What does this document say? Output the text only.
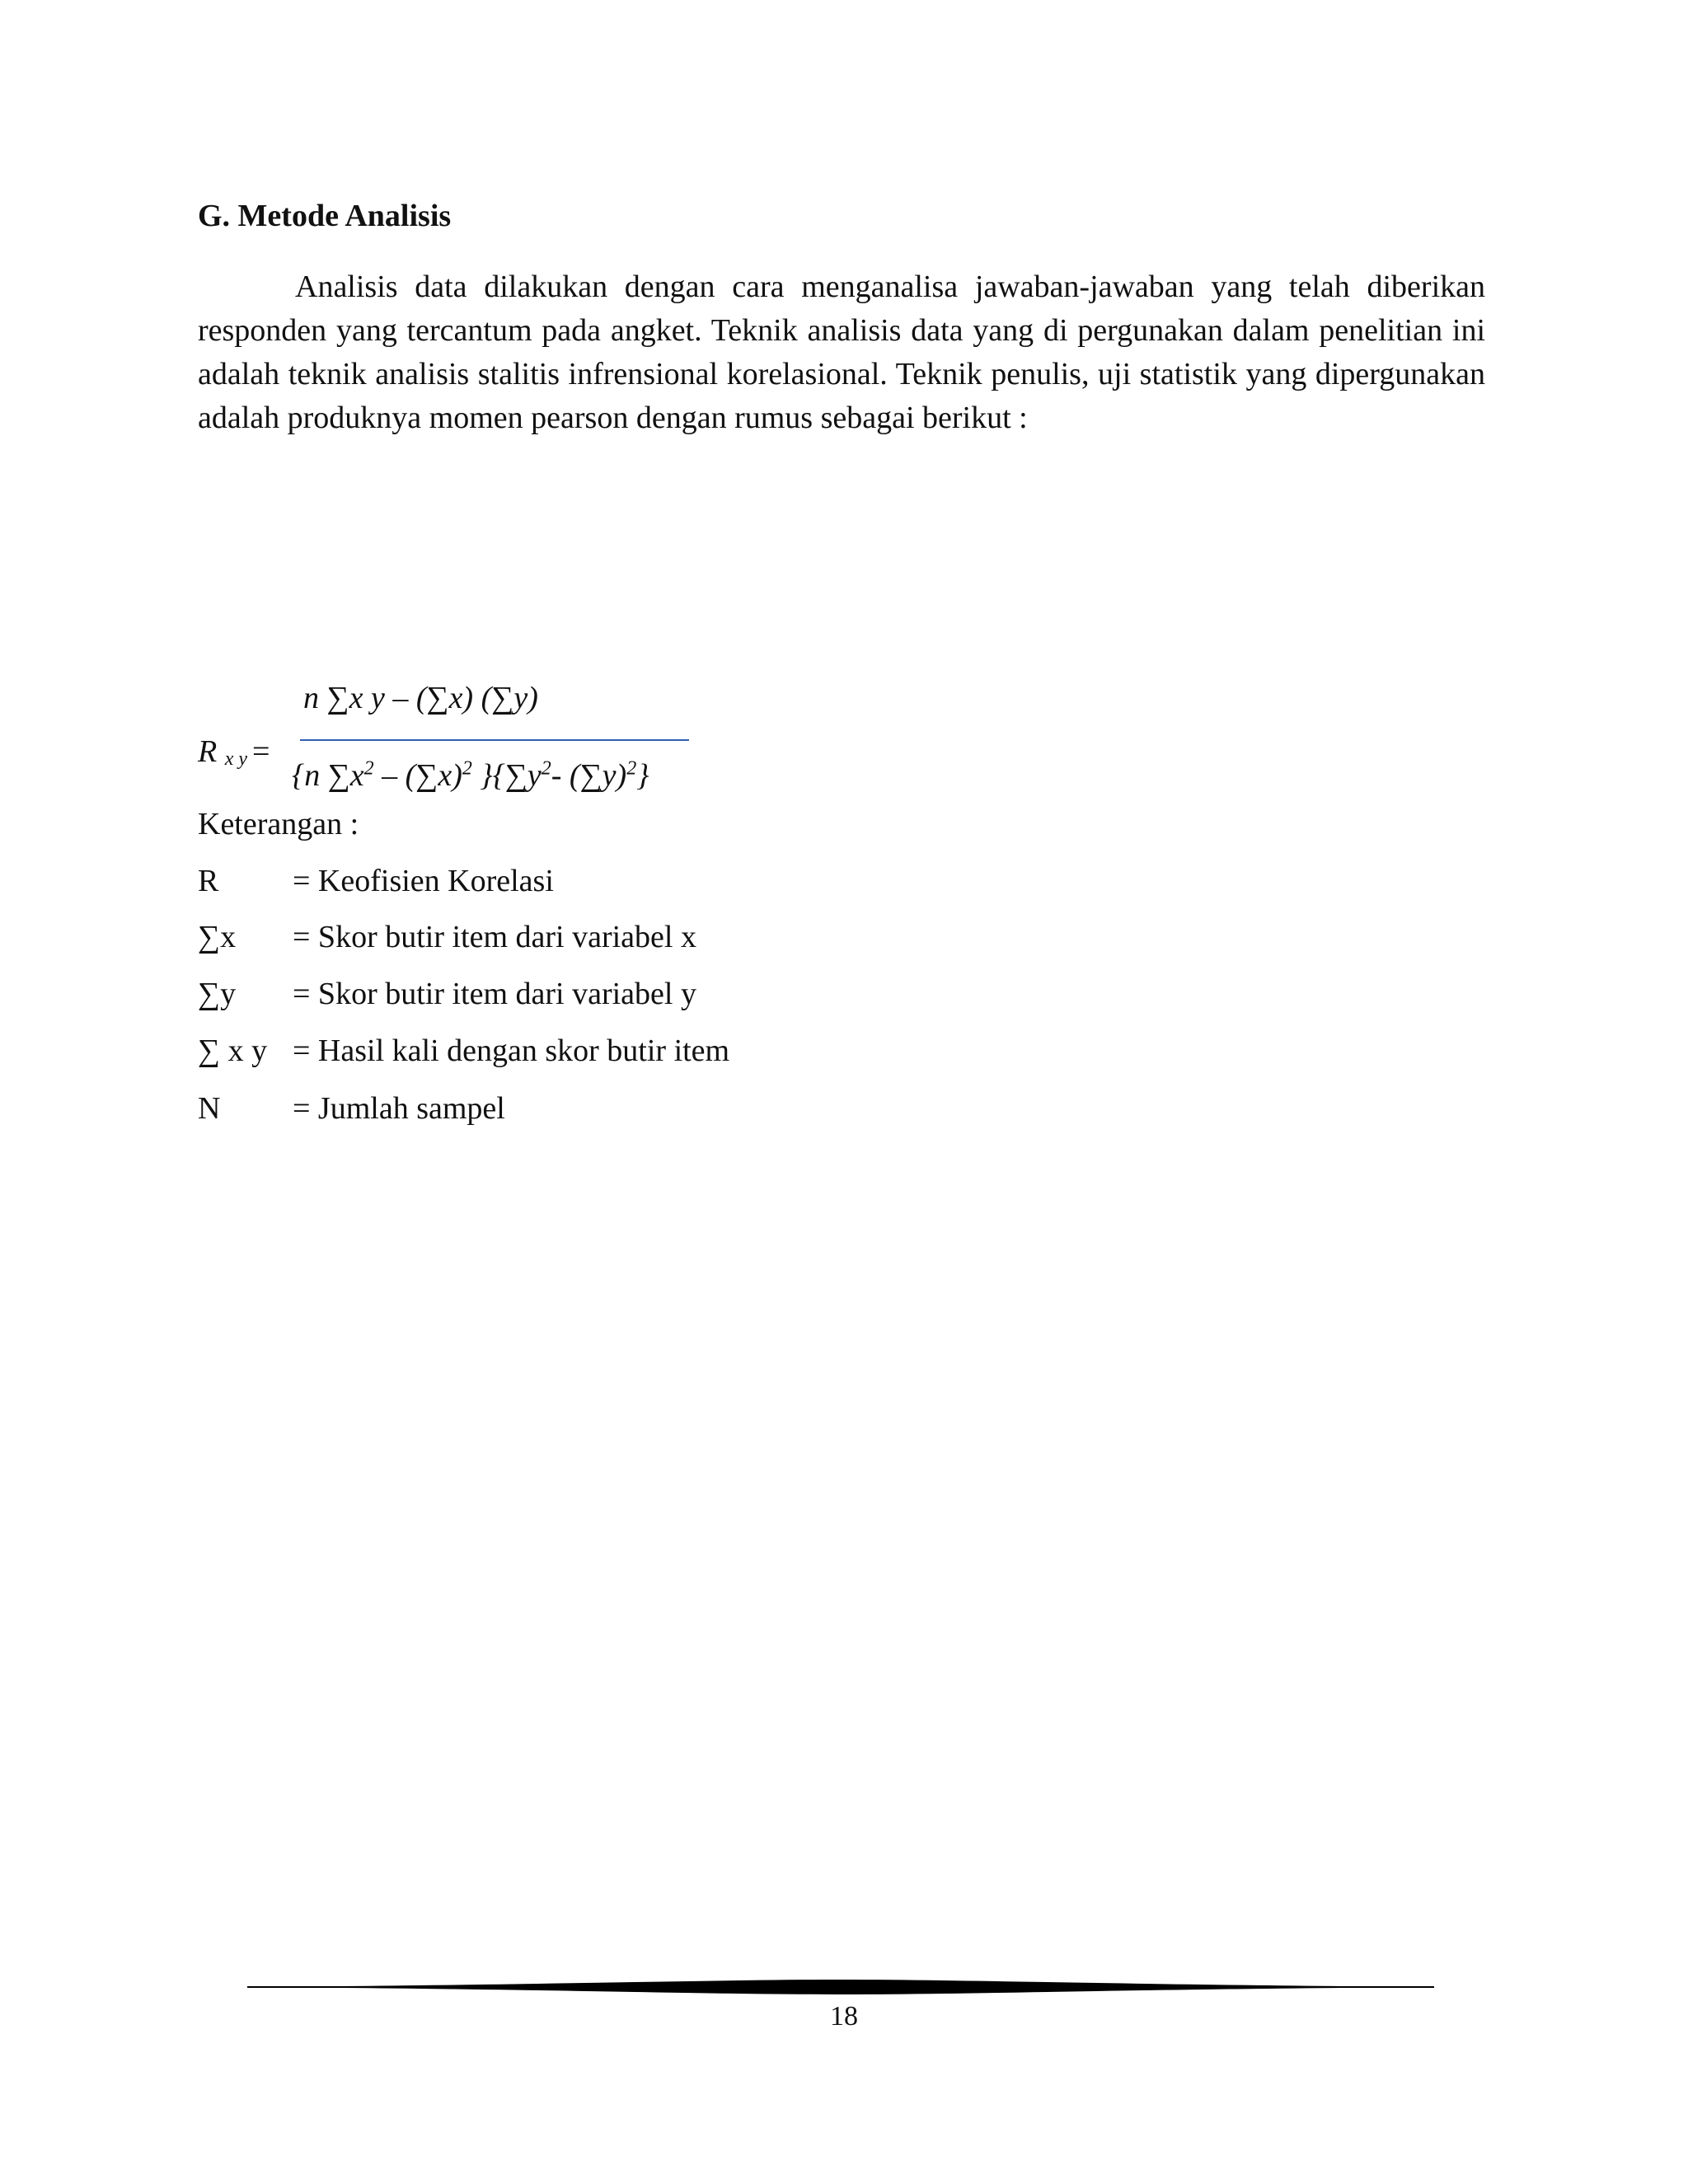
G. Metode Analisis

Analisis data dilakukan dengan cara menganalisa jawaban-jawaban yang telah diberikan responden yang tercantum pada angket. Teknik analisis data yang di pergunakan dalam penelitian ini adalah teknik analisis stalitis infrensional korelasional. Teknik penulis, uji statistik yang dipergunakan adalah produknya momen pearson dengan rumus sebagai berikut :

R $_{x y}$ =
n ∑x y – (∑x) (∑y)
{n $\sum x^2 - (\sum x)^2$ }{$\sum y^2-$ $(\sum y)^2$}

Keterangan :

R = Keofisien Korelasi
∑x = Skor butir item dari variabel x
∑y = Skor butir item dari variabel y
∑ x y = Hasil kali dengan skor butir item
N = Jumlah sampel
18
